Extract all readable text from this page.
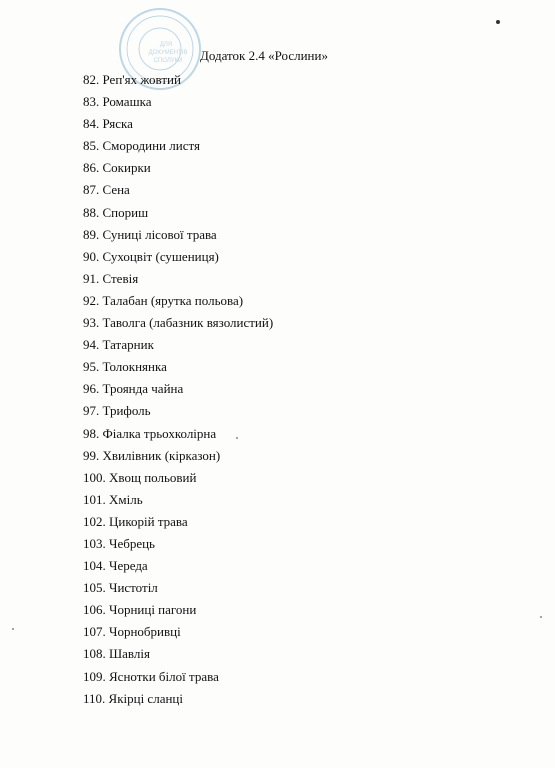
ДЛЯ
ДОКУМЕНТІВ
СПОЛУКИ Додаток 2.4 «Рослини»
82. Реп'ях жовтий
83. Ромашка
84. Ряска
85. Смородини листя
86. Сокирки
87. Сена
88. Спориш
89. Суниці лісової трава
90. Сухоцвіт (сушениця)
91. Стевія
92. Талабан (ярутка польова)
93. Таволга (лабазник вязолистий)
94. Татарник
95. Толокнянка
96. Троянда чайна
97. Трифоль
98. Фіалка трьохколірна
99. Хвилівник (кірказон)
100. Хвощ польовий
101. Хміль
102. Цикорій трава
103. Чебрець
104. Череда
105. Чистотіл
106. Чорниці пагони
107. Чорнобривці
108. Шавлія
109. Яснотки білої трава
110. Якірці сланці
